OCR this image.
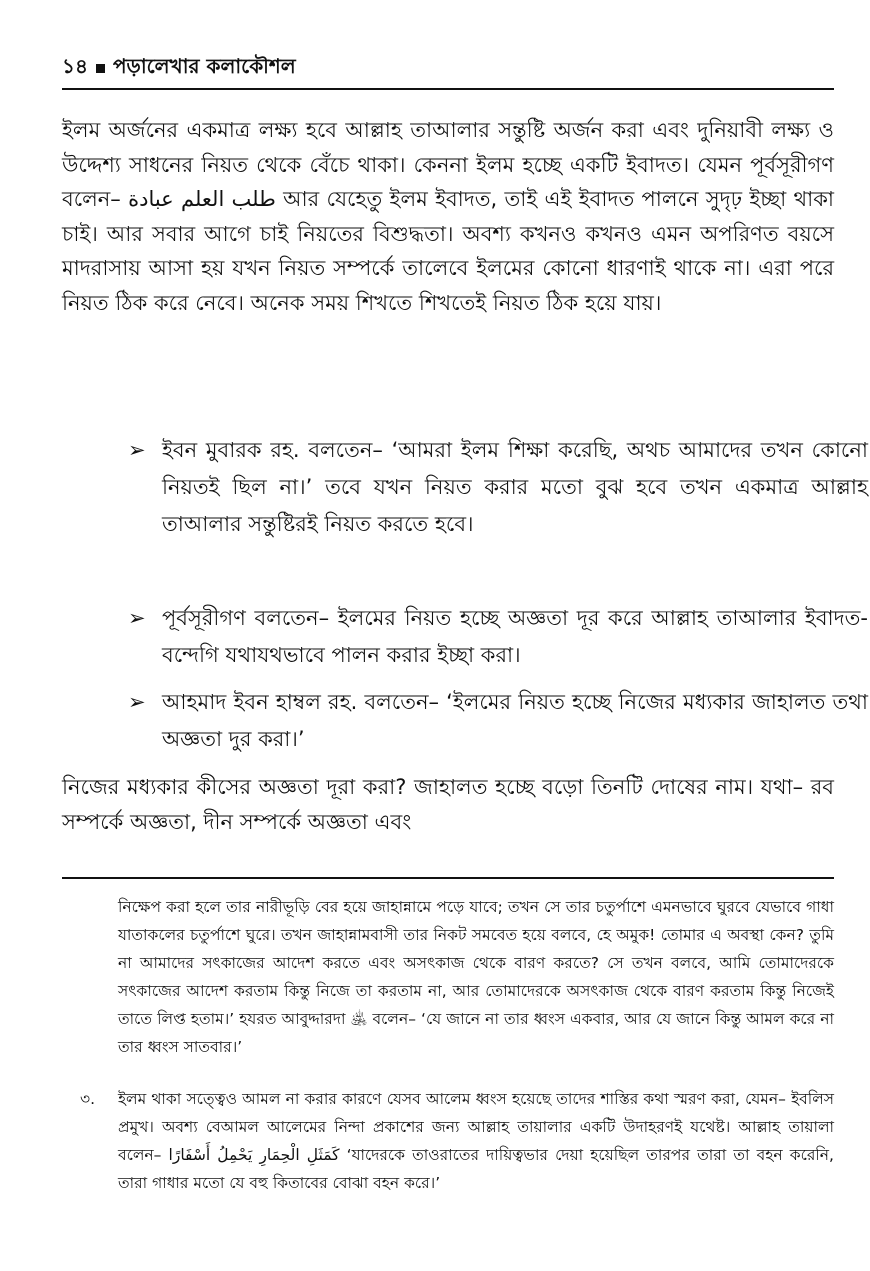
১৪ পড়ালেখার কলাকৌশল

ইলম অর্জনের একমাত্র লক্ষ্য হবে আল্লাহ তাআলার সন্তুষ্টি অর্জন করা এবং দুনিয়াবী লক্ষ্য ও উদ্দেশ্য সাধনের নিয়ত থেকে বেঁচে থাকা। কেননা ইলম হচ্ছে একটি ইবাদত। যেমন পূর্বসূরীগণ বলেন– طلب العلم عبادة আর যেহেতু ইলম ইবাদত, তাই এই ইবাদত পালনে সুদৃঢ় ইচ্ছা থাকা চাই। আর সবার আগে চাই নিয়তের বিশুদ্ধতা। অবশ্য কখনও কখনও এমন অপরিণত বয়সে মাদরাসায় আসা হয় যখন নিয়ত সম্পর্কে তালেবে ইলমের কোনো ধারণাই থাকে না। এরা পরে নিয়ত ঠিক করে নেবে। অনেক সময় শিখতে শিখতেই নিয়ত ঠিক হয়ে যায়।

➢ ইবন মুবারক রহ. বলতেন– ‘আমরা ইলম শিক্ষা করেছি, অথচ আমাদের তখন কোনো নিয়তই ছিল না।’ তবে যখন নিয়ত করার মতো বুঝ হবে তখন একমাত্র আল্লাহ তাআলার সন্তুষ্টিরই নিয়ত করতে হবে।
➢ পূর্বসূরীগণ বলতেন– ইলমের নিয়ত হচ্ছে অজ্ঞতা দূর করে আল্লাহ তাআলার ইবাদত-বন্দেগি যথাযথভাবে পালন করার ইচ্ছা করা।
➢ আহমাদ ইবন হাম্বল রহ. বলতেন– ‘ইলমের নিয়ত হচ্ছে নিজের মধ্যকার জাহালত তথা অজ্ঞতা দুর করা।’

নিজের মধ্যকার কীসের অজ্ঞতা দূরা করা? জাহালত হচ্ছে বড়ো তিনটি দোষের নাম। যথা– রব সম্পর্কে অজ্ঞতা, দীন সম্পর্কে অজ্ঞতা এবং

নিক্ষেপ করা হলে তার নারীভূড়ি বের হয়ে জাহান্নামে পড়ে যাবে; তখন সে তার চতুর্পাশে এমনভাবে ঘুরবে যেভাবে গাধা যাতাকলের চতুর্পাশে ঘুরে। তখন জাহান্নামবাসী তার নিকট সমবেত হয়ে বলবে, হে অমুক! তোমার এ অবস্থা কেন? তুমি না আমাদের সৎকাজের আদেশ করতে এবং অসৎকাজ থেকে বারণ করতে? সে তখন বলবে, আমি তোমাদেরকে সৎকাজের আদেশ করতাম কিন্তু নিজে তা করতাম না, আর তোমাদেরকে অসৎকাজ থেকে বারণ করতাম কিন্তু নিজেই তাতে লিপ্ত হতাম।’ হযরত আবুদ্দারদা ﵁ বলেন– ‘যে জানে না তার ধ্বংস একবার, আর যে জানে কিন্তু আমল করে না তার ধ্বংস সাতবার।’

৩. ইলম থাকা সত্ত্বেও আমল না করার কারণে যেসব আলেম ধ্বংস হয়েছে তাদের শাস্তির কথা স্মরণ করা, যেমন– ইবলিস প্রমুখ। অবশ্য বেআমল আলেমের নিন্দা প্রকাশের জন্য আল্লাহ তায়ালার একটি উদাহরণই যথেষ্ট। আল্লাহ তায়ালা বলেন– كَمَثَلِ الْحِمَارِ يَحْمِلُ أَسْفَارًا ‘যাদেরকে তাওরাতের দায়িত্বভার দেয়া হয়েছিল তারপর তারা তা বহন করেনি, তারা গাধার মতো যে বহু কিতাবের বোঝা বহন করে।’
